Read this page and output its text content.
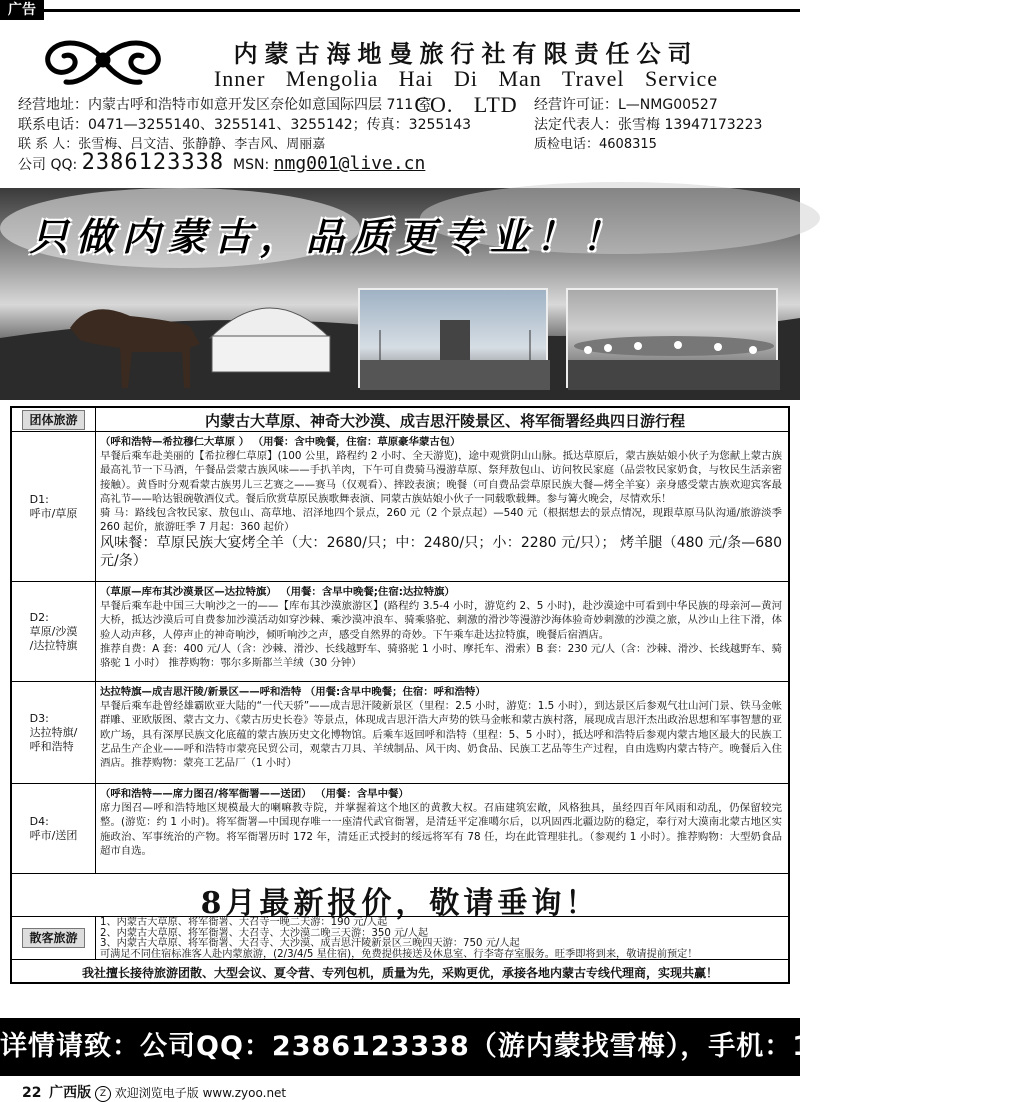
广告
内蒙古海地曼旅行社有限责任公司
Inner Mengolia Hai Di Man Travel Service CO. LTD
经营地址：内蒙古呼和浩特市如意开发区奈伦如意国际四层 711 室
联系电话：0471—3255140、3255141、3255142；传真：3255143
联 系 人：张雪梅、吕文洁、张静静、李吉风、周丽嘉
经营许可证：L—NMG00527
法定代表人：张雪梅 13947173223
质检电话：4608315
公司 QQ: 2386123338 MSN: nmg001@live.cn
只做内蒙古，品质更专业！！
团体旅游	内蒙古大草原、神奇大沙漠、成吉思汗陵景区、将军衙署经典四日游行程
D1:
呼市/草原
（呼和浩特—希拉穆仁大草原 ） （用餐：含中晚餐，住宿：草原豪华蒙古包）
早餐后乘车赴美丽的【希拉穆仁草原】(100 公里，路程约 2 小时、全天游览)，途中观赏阴山山脉。抵达草原后，蒙古族姑娘小伙子为您献上蒙古族最高礼节一下马酒，午餐品尝蒙古族风味——手扒羊肉，下午可自费骑马漫游草原、祭拜敖包山、访问牧民家庭（品尝牧民家奶食，与牧民生活亲密接触）。黄昏时分观看蒙古族男儿三艺赛之——赛马（仅观看）、摔跤表演；晚餐（可自费品尝草原民族大餐—烤全羊宴）亲身感受蒙古族欢迎宾客最高礼节——哈达银碗敬酒仪式。餐后欣赏草原民族歌舞表演、同蒙古族姑娘小伙子一同载歌载舞。参与篝火晚会，尽情欢乐！
骑 马：路线包含牧民家、敖包山、高草地、沼泽地四个景点，260 元（2 个景点起）—540 元（根据想去的景点情况，现跟草原马队沟通/旅游淡季 260 起价，旅游旺季 7 月起：360 起价）
风味餐：草原民族大宴烤全羊（大：2680/只；中：2480/只；小：2280 元/只）； 烤羊腿（480 元/条—680 元/条）
D2:
草原/沙漠
/达拉特旗
（草原—库布其沙漠景区—达拉特旗） （用餐：含早中晚餐;住宿:达拉特旗）
早餐后乘车赴中国三大响沙之一的——【库布其沙漠旅游区】(路程约 3.5-4 小时，游览约 2、5 小时)，赴沙漠途中可看到中华民族的母亲河—黄河大桥，抵达沙漠后可自费参加沙漠活动如穿沙棘、乘沙漠冲浪车、骑乘骆驼、刺激的滑沙等漫游沙海体验奇妙刺激的沙漠之旅，从沙山上往下滑，体验人动声移，人停声止的神奇响沙，倾听响沙之声，感受自然界的奇妙。下午乘车赴达拉特旗，晚餐后宿酒店。
推荐自费：A 套：400 元/人（含：沙棘、滑沙、长线越野车、骑骆驼 1 小时、摩托车、滑索）B 套：230 元/人（含：沙棘、滑沙、长线越野车、骑骆驼 1 小时） 推荐购物：鄂尔多斯都兰羊绒（30 分钟）
D3:
达拉特旗/
呼和浩特
达拉特旗—成吉思汗陵/新景区——呼和浩特 （用餐:含早中晚餐；住宿：呼和浩特）
早餐后乘车赴曾经雄霸欧亚大陆的“一代天骄”——成吉思汗陵新景区（里程：2.5 小时，游览：1.5 小时），到达景区后参观气壮山河门景、铁马金帐群雕、亚欧版图、蒙古文力、《蒙古历史长卷》等景点，体现成吉思汗浩大声势的铁马金帐和蒙古族村落，展现成吉思汗杰出政治思想和军事智慧的亚欧广场，具有深厚民族文化底蕴的蒙古族历史文化博物馆。后乘车返回呼和浩特（里程：5、5 小时），抵达呼和浩特后参观内蒙古地区最大的民族工艺品生产企业——呼和浩特市蒙亮民贸公司，观蒙古刀具、羊绒制品、风干肉、奶食品、民族工艺品等生产过程，自由选购内蒙古特产。晚餐后入住酒店。推荐购物：蒙亮工艺品厂（1 小时）
D4:
呼市/送团
（呼和浩特——席力图召/将军衙署——送团） （用餐：含早中餐）
席力图召—呼和浩特地区规模最大的喇嘛教寺院，并掌握着这个地区的黄教大权。召庙建筑宏敞，风格独具，虽经四百年风雨和动乱，仍保留较完整。(游览：约 1 小时)。将军衙署—中国现存唯一一座清代武官衙署，是清廷平定准噶尔后，以巩固西北疆边防的稳定，奉行对大漠南北蒙古地区实施政治、军事统治的产物。将军衙署历时 172 年，清廷正式授封的绥远将军有 78 任，均在此管理驻扎。（参观约 1 小时）。推荐购物：大型奶食品超市自选。
8月最新报价，敬请垂询！
散客旅游
1、内蒙古大草原、将军衙署、大召寺一晚二天游：190 元/人起
2、内蒙古大草原、将军衙署、大召寺、大沙漠二晚三天游：350 元/人起
3、内蒙古大草原、将军衙署、大召寺、大沙漠、成吉思汗陵新景区三晚四天游：750 元/人起
可满足不同住宿标准客人赴内蒙旅游，(2/3/4/5 星住宿)，免费提供接送及休息室、行李寄存室服务。旺季即将到来，敬请提前预定！
我社擅长接待旅游团散、大型会议、夏令营、专列包机，质量为先，采购更优，承接各地内蒙古专线代理商，实现共赢！
详情请致：公司QQ：2386123338（游内蒙找雪梅），手机：13947173223
22 广西版 Z 欢迎浏览电子版 www.zyoo.net
